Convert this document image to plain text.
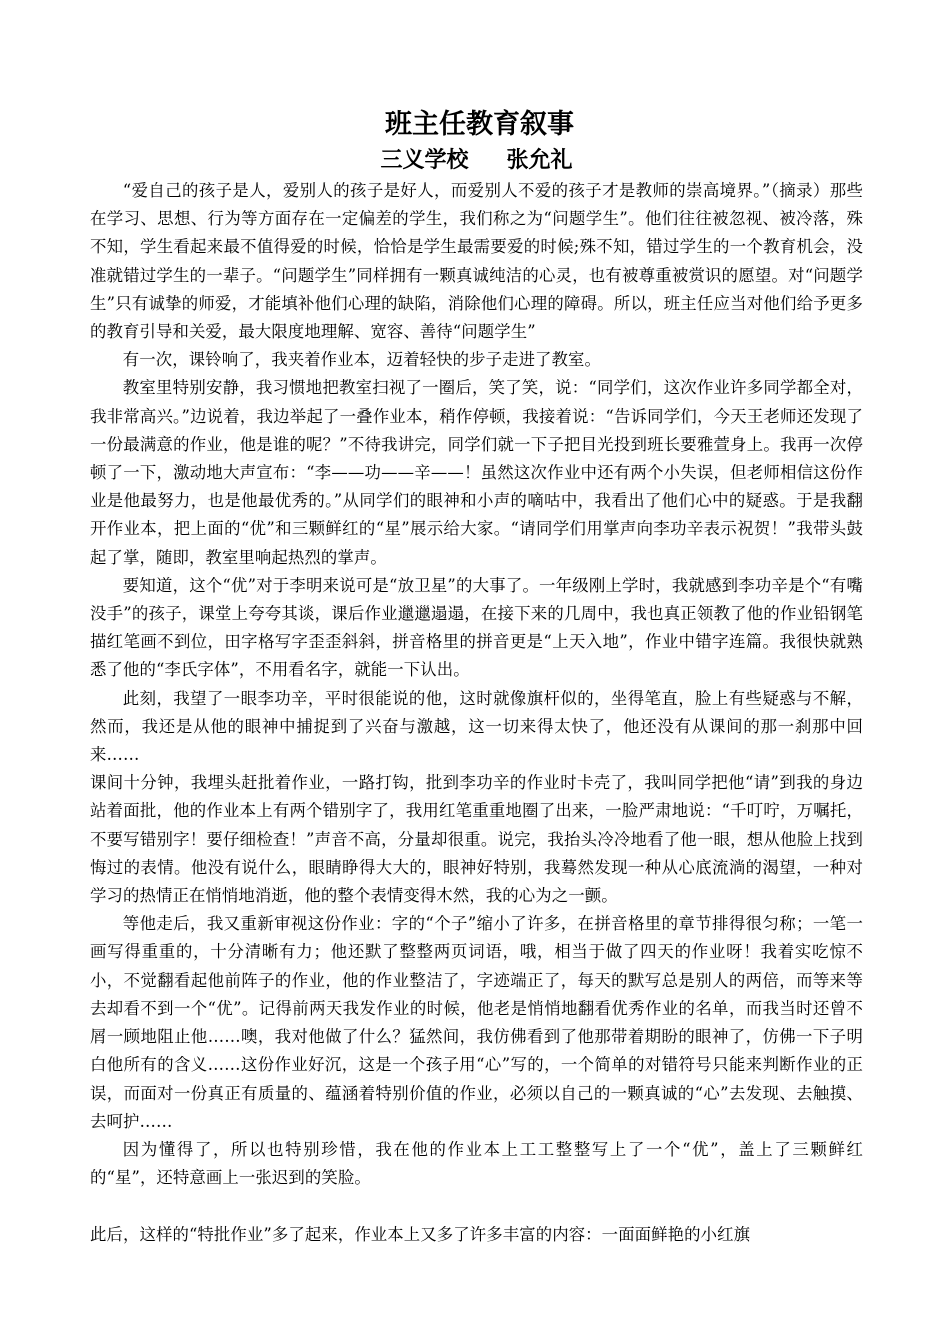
班主任教育叙事

三义学校 张允礼

“爱自己的孩子是人，爱别人的孩子是好人，而爱别人不爱的孩子才是教师的崇高境界。”（摘录）那些在学习、思想、行为等方面存在一定偏差的学生，我们称之为“问题学生”。他们往往被忽视、被冷落，殊不知，学生看起来最不值得爱的时候，恰恰是学生最需要爱的时候;殊不知，错过学生的一个教育机会，没准就错过学生的一辈子。“问题学生”同样拥有一颗真诚纯洁的心灵，也有被尊重被赏识的愿望。对“问题学生”只有诚挚的师爱，才能填补他们心理的缺陷，消除他们心理的障碍。所以，班主任应当对他们给予更多的教育引导和关爱，最大限度地理解、宽容、善待“问题学生”

有一次，课铃响了，我夹着作业本，迈着轻快的步子走进了教室。

教室里特别安静，我习惯地把教室扫视了一圈后，笑了笑，说：“同学们，这次作业许多同学都全对，我非常高兴。”边说着，我边举起了一叠作业本，稍作停顿，我接着说：“告诉同学们，今天王老师还发现了一份最满意的作业，他是谁的呢？”不待我讲完，同学们就一下子把目光投到班长要雅萱身上。我再一次停顿了一下，激动地大声宣布：“李——功——辛——！虽然这次作业中还有两个小失误，但老师相信这份作业是他最努力，也是他最优秀的。”从同学们的眼神和小声的嘀咕中，我看出了他们心中的疑惑。于是我翻开作业本，把上面的“优”和三颗鲜红的“星”展示给大家。“请同学们用掌声向李功辛表示祝贺！”我带头鼓起了掌，随即，教室里响起热烈的掌声。

要知道，这个“优”对于李明来说可是“放卫星”的大事了。一年级刚上学时，我就感到李功辛是个“有嘴没手”的孩子，课堂上夸夸其谈，课后作业邋邋遢遢，在接下来的几周中，我也真正领教了他的作业铅钢笔描红笔画不到位，田字格写字歪歪斜斜，拼音格里的拼音更是“上天入地”，作业中错字连篇。我很快就熟悉了他的“李氏字体”，不用看名字，就能一下认出。

此刻，我望了一眼李功辛，平时很能说的他，这时就像旗杆似的，坐得笔直，脸上有些疑惑与不解，然而，我还是从他的眼神中捕捉到了兴奋与激越，这一切来得太快了，他还没有从课间的那一刹那中回来……

课间十分钟，我埋头赶批着作业，一路打钩，批到李功辛的作业时卡壳了，我叫同学把他“请”到我的身边站着面批，他的作业本上有两个错别字了，我用红笔重重地圈了出来，一脸严肃地说：“千叮咛，万嘱托，不要写错别字！要仔细检查！”声音不高，分量却很重。说完，我抬头冷冷地看了他一眼，想从他脸上找到悔过的表情。他没有说什么，眼睛睁得大大的，眼神好特别，我蓦然发现一种从心底流淌的渴望，一种对学习的热情正在悄悄地消逝，他的整个表情变得木然，我的心为之一颤。

等他走后，我又重新审视这份作业：字的“个子”缩小了许多，在拼音格里的章节排得很匀称；一笔一画写得重重的，十分清晰有力；他还默了整整两页词语，哦，相当于做了四天的作业呀！我着实吃惊不小，不觉翻看起他前阵子的作业，他的作业整洁了，字迹端正了，每天的默写总是别人的两倍，而等来等去却看不到一个“优”。记得前两天我发作业的时候，他老是悄悄地翻看优秀作业的名单，而我当时还曾不屑一顾地阻止他……噢，我对他做了什么？猛然间，我仿佛看到了他那带着期盼的眼神了，仿佛一下子明白他所有的含义……这份作业好沉，这是一个孩子用“心”写的，一个简单的对错符号只能来判断作业的正误，而面对一份真正有质量的、蕴涵着特别价值的作业，必须以自己的一颗真诚的“心”去发现、去触摸、去呵护……

因为懂得了，所以也特别珍惜，我在他的作业本上工工整整写上了一个“优”，盖上了三颗鲜红的“星”，还特意画上一张迟到的笑脸。

此后，这样的“特批作业”多了起来，作业本上又多了许多丰富的内容：一面面鲜艳的小红旗
